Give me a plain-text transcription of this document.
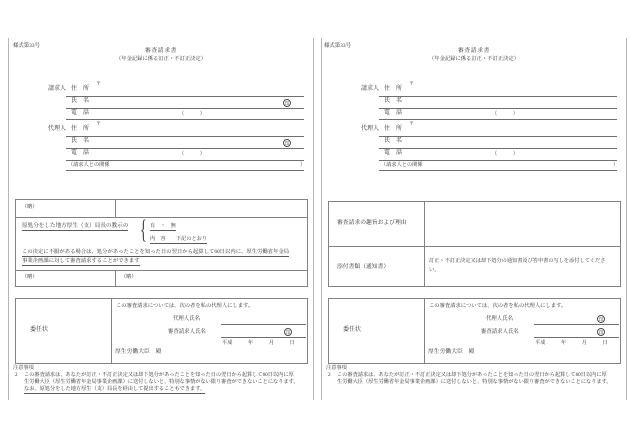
様式第33号
審査請求書
（年金記録に係る訂正・不訂正決定）
請求人 住　所
〒
氏　名	印
電　話	（　　　）
代理人 住　所
〒
氏　名	印
電　話	（　　　）
（請求人との関係	）
（略）
原処分をした地方厚生（支）局長の教示の { 有　・　無
内　容　　下記のとおり
この決定に不服がある場合は、処分があったことを知った日の翌日から起算して60日以内に、厚生労働省年金局
事業企画課に対して審査請求することができます
（略）	（略）
委任状
この審査請求については、次の者を私の代理人にします。
代理人氏名
審査請求人氏名	印
平成　　　年　　　月　　　日
厚生労働大臣　殿
注意事項
2 この審査請求は、あなたが訂正・不訂正決定又は却下処分があったことを知った日の翌日から起算して60日以内に厚
生労働大臣（厚生労働省年金局事業企画課）に送付しないと、特別な事情がない限り審査ができないことになります。
なお、原処分をした地方厚生（支）局長を経由して提出することもできます。
様式第33号
審査請求書
（年金記録に係る訂正・不訂正決定）
請求人 住　所
〒
氏　名
電　話	（　　　）
代理人 住　所
〒
氏　名
電　話	（　　　）
（請求人との関係	）
審査請求の趣旨および理由
添付書類（通知書）
訂正・不訂正決定又は却下処分の通知書及び答申書の写しを添付してくださ
い。
委任状
この審査請求については、次の者を私の代理人にします。
代理人氏名	印
審査請求人氏名	印
平成　　　年　　　月　　　日
厚生労働大臣　殿
注意事項
2 この審査請求は、あなたが訂正・不訂正決定又は却下処分があったことを知った日の翌日から起算して60日以内に厚
生労働大臣（厚生労働省年金局事業企画課）に送付しないと、特別な事情がない限り審査ができないことになります。
